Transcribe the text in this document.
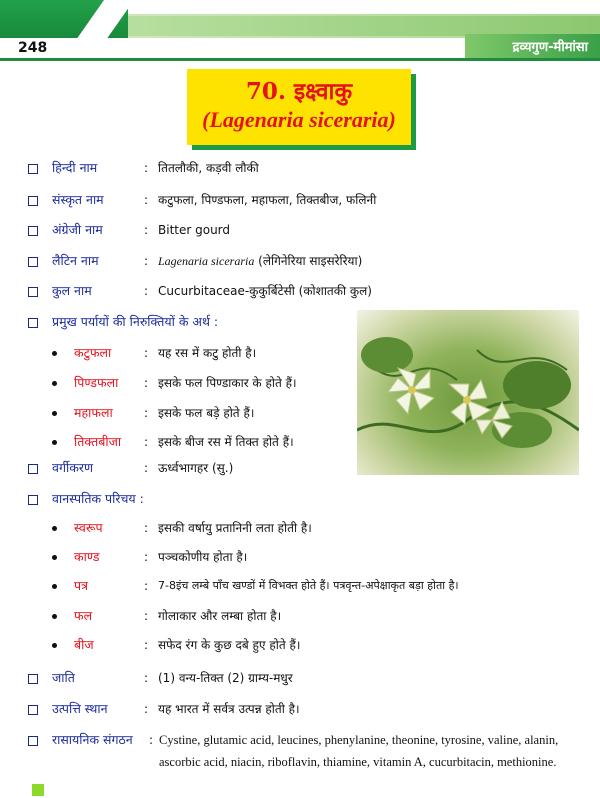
248	द्रव्यगुण-मीमांसा
70. इक्ष्वाकु
(Lagenaria siceraria)
हिन्दी नाम	: तितलौकी, कड़वी लौकी
संस्कृत नाम	: कटुफला, पिण्डफला, महाफला, तिक्तबीज, फलिनी
अंग्रेजी नाम	: Bitter gourd
लैटिन नाम	: Lagenaria siceraria (लेगिनेरिया साइसरेरिया)
कुल नाम	: Cucurbitaceae-कुकुर्बिटेसी (कोशातकी कुल)
प्रमुख पर्यायों की निरुक्तियों के अर्थ :
कटुफला	: यह रस में कटु होती है।
पिण्डफला : इसके फल पिण्डाकार के होते हैं।
महाफला	: इसके फल बड़े होते हैं।
तिक्तबीजा : इसके बीज रस में तिक्त होते हैं।
वर्गीकरण	: ऊर्ध्वभागहर (सु.)
वानस्पतिक परिचय :
स्वरूप	: इसकी वर्षायु प्रतानिनी लता होती है।
काण्ड	: पञ्चकोणीय होता है।
पत्र	: 7-8इंच लम्बे पाँच खण्डों में विभक्त होते हैं। पत्रवृन्त-अपेक्षाकृत बड़ा होता है।
फल	: गोलाकार और लम्बा होता है।
बीज	: सफेद रंग के कुछ दबे हुए होते हैं।
जाति	: (1) वन्य-तिक्त (2) ग्राम्य-मधुर
उत्पत्ति स्थान	: यह भारत में सर्वत्र उत्पन्न होती है।
रासायनिक संगठन : Cystine, glutamic acid, leucines, phenylanine, theonine, tyrosine, valine, alanin,
ascorbic acid, niacin, riboflavin, thiamine, vitamin A, cucurbitacin, methionine.
